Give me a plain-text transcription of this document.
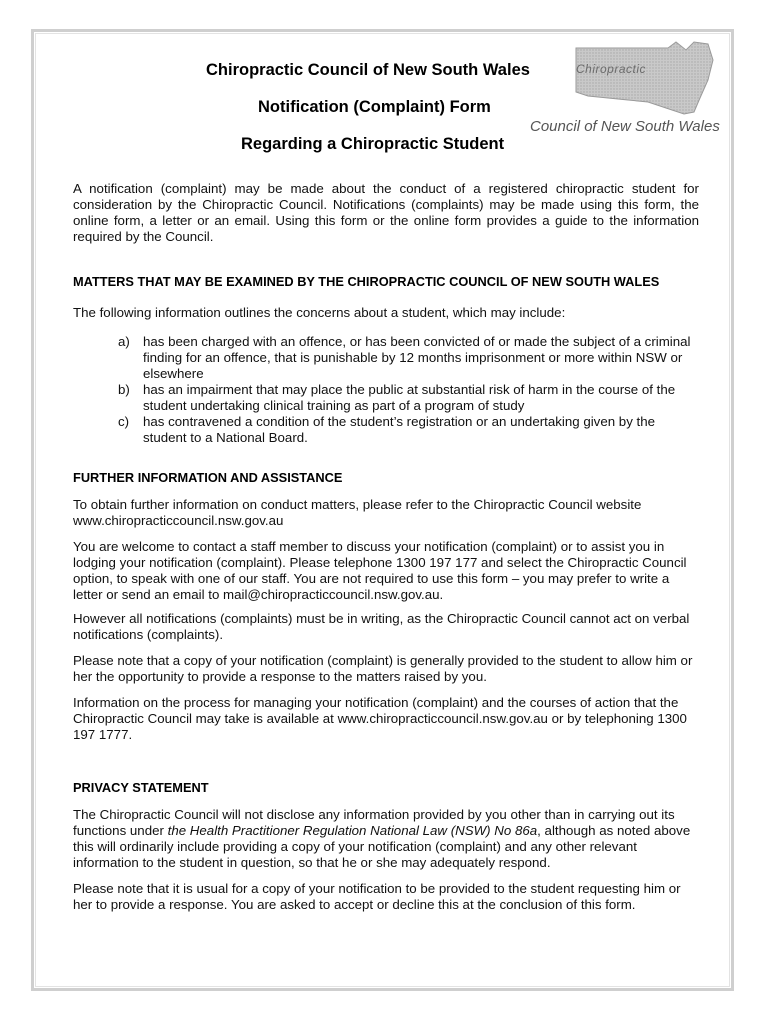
Chiropractic
Council of New South Wales
Chiropractic Council of New South Wales
Notification (Complaint) Form
Regarding a Chiropractic Student

A notification (complaint) may be made about the conduct of a registered chiropractic student for consideration by the Chiropractic Council. Notifications (complaints) may be made using this form, the online form, a letter or an email. Using this form or the online form provides a guide to the information required by the Council.

MATTERS THAT MAY BE EXAMINED BY THE CHIROPRACTIC COUNCIL OF NEW SOUTH WALES

The following information outlines the concerns about a student, which may include:

a) has been charged with an offence, or has been convicted of or made the subject of a criminal finding for an offence, that is punishable by 12 months imprisonment or more within NSW or elsewhere
b) has an impairment that may place the public at substantial risk of harm in the course of the student undertaking clinical training as part of a program of study
c) has contravened a condition of the student’s registration or an undertaking given by the student to a National Board.
FURTHER INFORMATION AND ASSISTANCE

To obtain further information on conduct matters, please refer to the Chiropractic Council website www.chiropracticcouncil.nsw.gov.au

You are welcome to contact a staff member to discuss your notification (complaint) or to assist you in lodging your notification (complaint). Please telephone 1300 197 177 and select the Chiropractic Council option, to speak with one of our staff. You are not required to use this form – you may prefer to write a letter or send an email to mail@chiropracticcouncil.nsw.gov.au.

However all notifications (complaints) must be in writing, as the Chiropractic Council cannot act on verbal notifications (complaints).

Please note that a copy of your notification (complaint) is generally provided to the student to allow him or her the opportunity to provide a response to the matters raised by you.

Information on the process for managing your notification (complaint) and the courses of action that the Chiropractic Council may take is available at www.chiropracticcouncil.nsw.gov.au or by telephoning 1300 197 1777.

PRIVACY STATEMENT

The Chiropractic Council will not disclose any information provided by you other than in carrying out its functions under the Health Practitioner Regulation National Law (NSW) No 86a, although as noted above this will ordinarily include providing a copy of your notification (complaint) and any other relevant information to the student in question, so that he or she may adequately respond.

Please note that it is usual for a copy of your notification to be provided to the student requesting him or her to provide a response. You are asked to accept or decline this at the conclusion of this form.
